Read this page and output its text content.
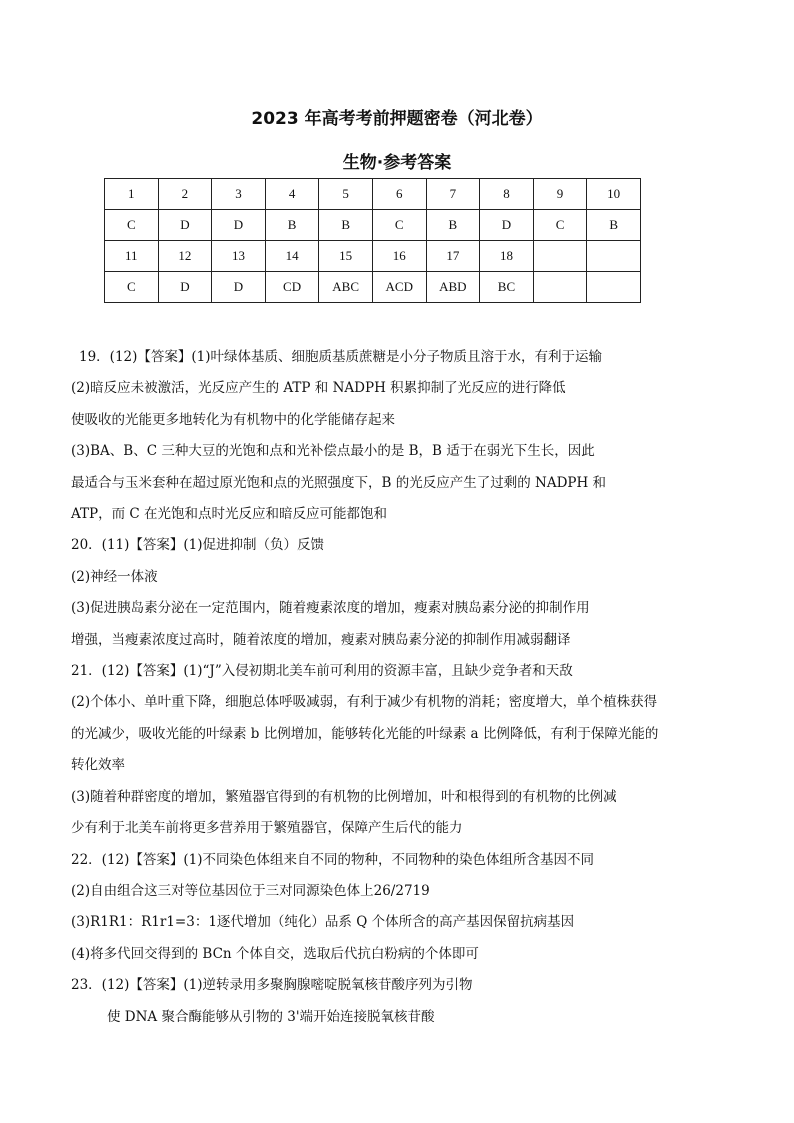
2023 年高考考前押题密卷（河北卷）
生物·参考答案
1	2	3	4	5	6	7	8	9	10
C	D	D	B	B	C	B	D	C	B
11	12	13	14	15	16	17	18		
C	D	D	CD	ABC	ACD	ABD	BC		
19．(12)【答案】(1)叶绿体基质、细胞质基质蔗糖是小分子物质且溶于水，有利于运输
(2)暗反应未被激活，光反应产生的 ATP 和 NADPH 积累抑制了光反应的进行降低
使吸收的光能更多地转化为有机物中的化学能储存起来
(3)BA、B、C 三种大豆的光饱和点和光补偿点最小的是 B，B 适于在弱光下生长，因此
最适合与玉米套种在超过原光饱和点的光照强度下，B 的光反应产生了过剩的 NADPH 和
ATP，而 C 在光饱和点时光反应和暗反应可能都饱和
20．(11)【答案】(1)促进抑制（负）反馈
(2)神经一体液
(3)促进胰岛素分泌在一定范围内，随着瘦素浓度的增加，瘦素对胰岛素分泌的抑制作用
增强，当瘦素浓度过高时，随着浓度的增加，瘦素对胰岛素分泌的抑制作用减弱翻译
21．(12)【答案】(1)“J”入侵初期北美车前可利用的资源丰富，且缺少竞争者和天敌
(2)个体小、单叶重下降，细胞总体呼吸减弱，有利于减少有机物的消耗；密度增大，单个植株获得
的光减少，吸收光能的叶绿素 b 比例增加，能够转化光能的叶绿素 a 比例降低，有利于保障光能的
转化效率
(3)随着种群密度的增加，繁殖器官得到的有机物的比例增加，叶和根得到的有机物的比例减
少有利于北美车前将更多营养用于繁殖器官，保障产生后代的能力
22．(12)【答案】(1)不同染色体组来自不同的物种，不同物种的染色体组所含基因不同
(2)自由组合这三对等位基因位于三对同源染色体上26/2719
(3)R1R1：R1r1=3：1逐代增加（纯化）品系 Q 个体所含的高产基因保留抗病基因
(4)将多代回交得到的 BCn 个体自交，选取后代抗白粉病的个体即可
23．(12)【答案】(1)逆转录用多聚胸腺嘧啶脱氧核苷酸序列为引物
使 DNA 聚合酶能够从引物的 3'端开始连接脱氧核苷酸
